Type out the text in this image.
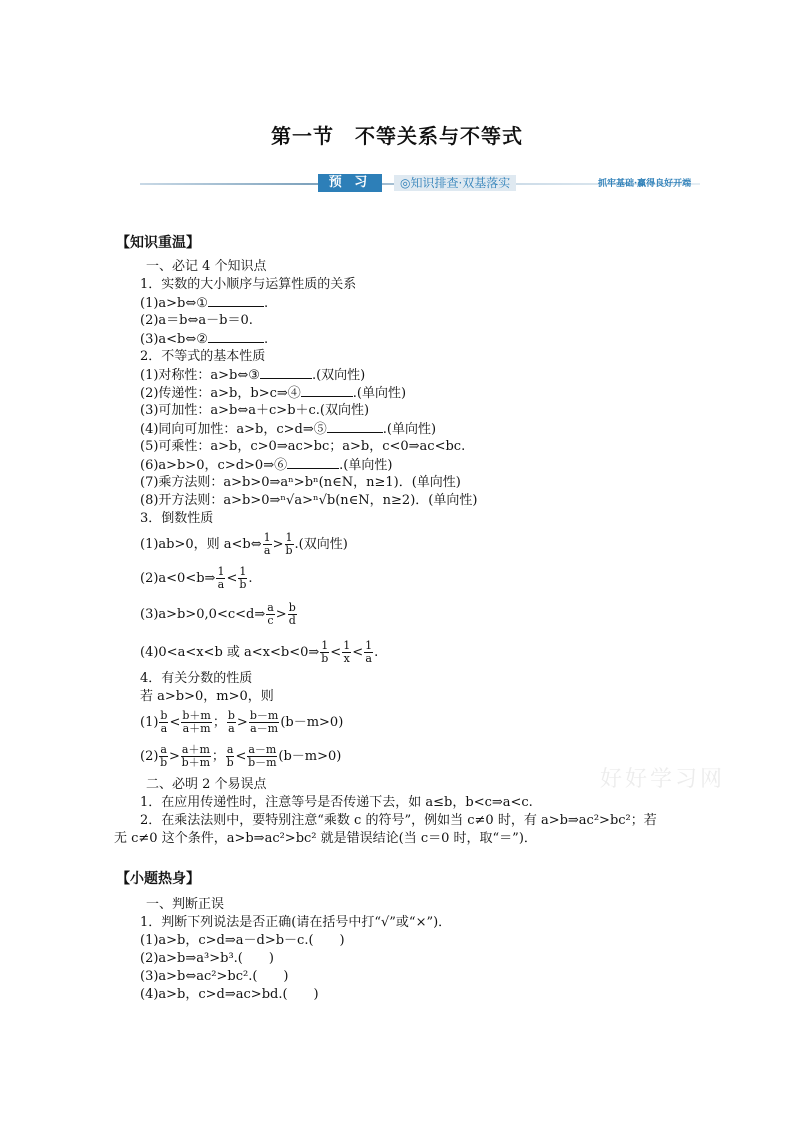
第一节　不等关系与不等式
预 习	◎知识排查·双基落实	抓牢基础·赢得良好开端
【知识重温】
一、必记 4 个知识点
1．实数的大小顺序与运算性质的关系
(1)a>b⇔①	.
(2)a＝b⇔a－b＝0.
(3)a<b⇔②	.
2．不等式的基本性质
(1)对称性：a>b⇔③	.(双向性)
(2)传递性：a>b，b>c⇒④	.(单向性)
(3)可加性：a>b⇔a＋c>b＋c.(双向性)
(4)同向可加性：a>b，c>d⇒⑤	.(单向性)
(5)可乘性：a>b，c>0⇒ac>bc；a>b，c<0⇒ac<bc.
(6)a>b>0，c>d>0⇒⑥	.(单向性)
(7)乘方法则：a>b>0⇒aⁿ>bⁿ(n∈N，n≥1)．(单向性)
(8)开方法则：a>b>0⇒ⁿ√a>ⁿ√b(n∈N，n≥2)．(单向性)
3．倒数性质
(1)ab>0，则 a<b⇔ $\frac{1}{a} > \frac{1}{b}$ .(双向性)
(2)a<0<b⇒ $\frac{1}{a} < \frac{1}{b}$ .
(3)a>b>0,0<c<d⇒ $\frac{a}{c} > \frac{b}{d}$
(4)0<a<x<b 或 a<x<b<0⇒ $\frac{1}{b} < \frac{1}{x} < \frac{1}{a}$ .
4．有关分数的性质
若 a>b>0，m>0，则
$(1) \frac{b}{a} < \frac{b+m}{a+m}$ ； $\frac{b}{a} > \frac{b-m}{a-m} (b-m>0)$
$(2) \frac{a}{b} > \frac{a+m}{b+m}$ ； $\frac{a}{b} < \frac{a-m}{b-m} (b-m>0)$
二、必明 2 个易误点
1．在应用传递性时，注意等号是否传递下去，如 a≤b，b<c⇒a<c.
2．在乘法法则中，要特别注意“乘数 c 的符号”，例如当 c≠0 时，有 a>b⇒ac²>bc²；若
无 c≠0 这个条件，a>b⇒ac²>bc² 就是错误结论(当 c＝0 时，取“＝”)．
好好学习网
【小题热身】
一、判断正误
1．判断下列说法是否正确(请在括号中打“√”或“×”)．
(1)a>b，c>d⇒a－d>b－c.(　　)
(2)a>b⇒a³>b³.(　　)
(3)a>b⇔ac²>bc².(　　)
(4)a>b，c>d⇒ac>bd.(　　)
